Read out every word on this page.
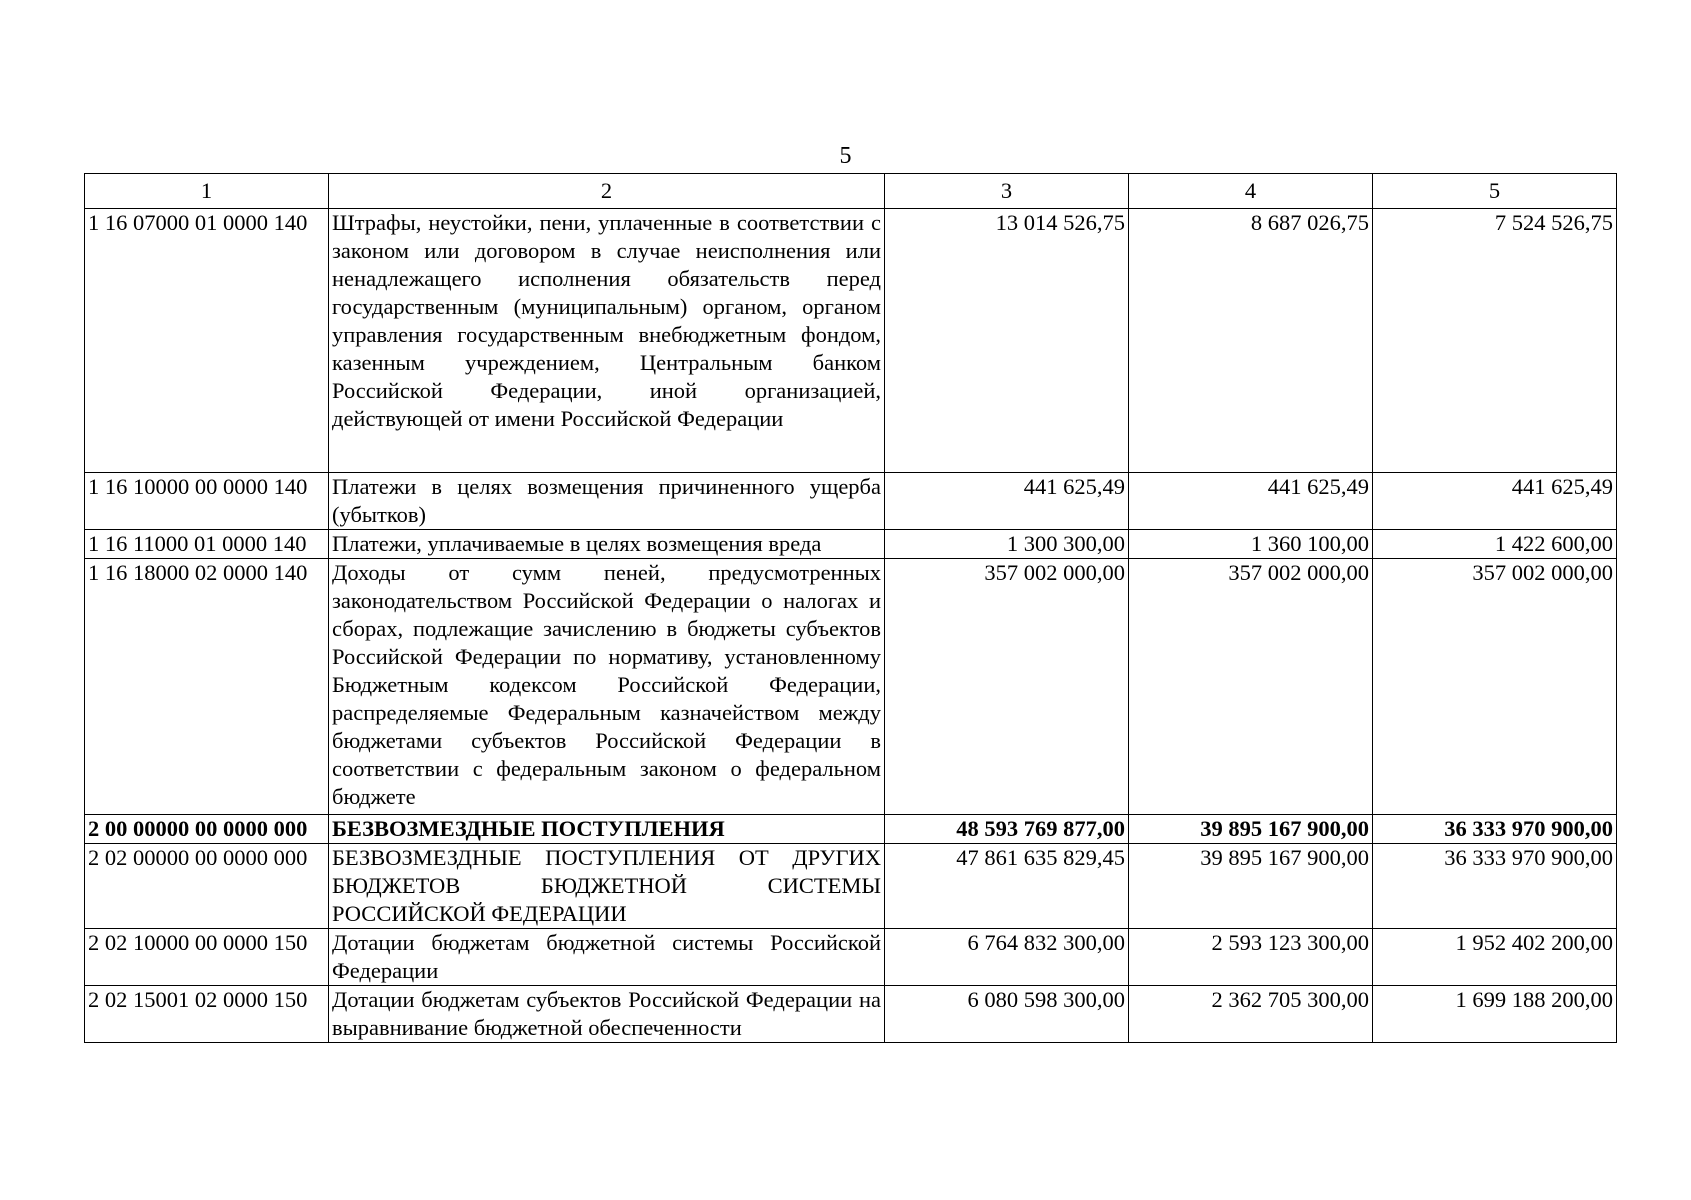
5
1	2	3	4	5
1 16 07000 01 0000 140	Штрафы, неустойки, пени, уплаченные в соответствии с законом или договором в случае неисполнения или ненадлежащего исполнения обязательств перед государственным (муниципальным) органом, органом управления государственным внебюджетным фондом, казенным учреждением, Центральным банком Российской Федерации, иной организацией, действующей от имени Российской Федерации	13 014 526,75	8 687 026,75	7 524 526,75
1 16 10000 00 0000 140	Платежи в целях возмещения причиненного ущерба (убытков)	441 625,49	441 625,49	441 625,49
1 16 11000 01 0000 140	Платежи, уплачиваемые в целях возмещения вреда	1 300 300,00	1 360 100,00	1 422 600,00
1 16 18000 02 0000 140	Доходы от сумм пеней, предусмотренных законодательством Российской Федерации о налогах и сборах, подлежащие зачислению в бюджеты субъектов Российской Федерации по нормативу, установленному Бюджетным кодексом Российской Федерации, распределяемые Федеральным казначейством между бюджетами субъектов Российской Федерации в соответствии с федеральным законом о федеральном бюджете	357 002 000,00	357 002 000,00	357 002 000,00
2 00 00000 00 0000 000	БЕЗВОЗМЕЗДНЫЕ ПОСТУПЛЕНИЯ	48 593 769 877,00	39 895 167 900,00	36 333 970 900,00
2 02 00000 00 0000 000	БЕЗВОЗМЕЗДНЫЕ ПОСТУПЛЕНИЯ ОТ ДРУГИХ БЮДЖЕТОВ БЮДЖЕТНОЙ СИСТЕМЫ РОССИЙСКОЙ ФЕДЕРАЦИИ	47 861 635 829,45	39 895 167 900,00	36 333 970 900,00
2 02 10000 00 0000 150	Дотации бюджетам бюджетной системы Российской Федерации	6 764 832 300,00	2 593 123 300,00	1 952 402 200,00
2 02 15001 02 0000 150	Дотации бюджетам субъектов Российской Федерации на выравнивание бюджетной обеспеченности	6 080 598 300,00	2 362 705 300,00	1 699 188 200,00
